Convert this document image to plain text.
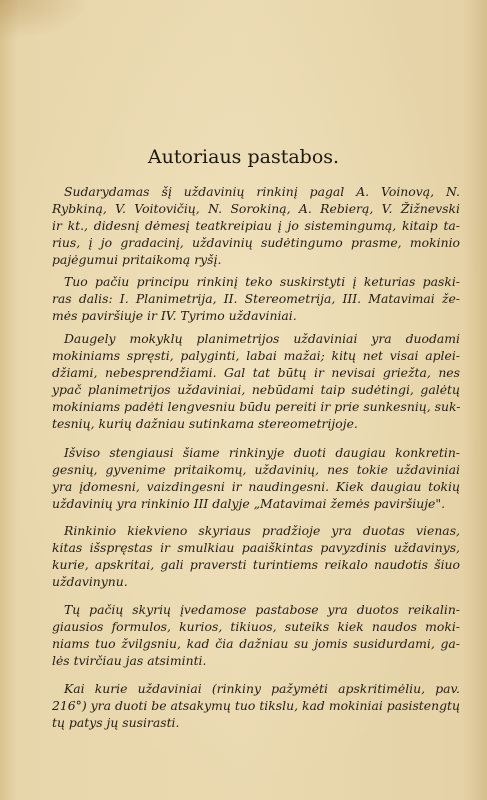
Autoriaus pastabos.
Sudarydamas šį uždavinių rinkinį pagal A. Voinovą, N.
Rybkiną, V. Voitovičių, N. Sorokiną, A. Rebierą, V. Žižnevski
ir kt., didesnį dėmesį teatkreipiau į jo sistemingumą, kitaip ta-
rius, į jo gradacinį, uždavinių sudėtingumo prasme, mokinio
pajėgumui pritaikomą ryšį.
Tuo pačiu principu rinkinį teko suskirstyti į keturias paski-
ras dalis: I. Planimetrija, II. Stereometrija, III. Matavimai že-
mės paviršiuje ir IV. Tyrimo uždaviniai.
Daugely mokyklų planimetrijos uždaviniai yra duodami
mokiniams spręsti, palyginti, labai mažai; kitų net visai aplei-
džiami, nebesprendžiami. Gal tat būtų ir nevisai griežta, nes
ypač planimetrijos uždaviniai, nebūdami taip sudėtingi, galėtų
mokiniams padėti lengvesniu būdu pereiti ir prie sunkesnių, suk-
tesnių, kurių dažniau sutinkama stereometrijoje.
Išviso stengiausi šiame rinkinyje duoti daugiau konkretin-
gesnių, gyvenime pritaikomų, uždavinių, nes tokie uždaviniai
yra įdomesni, vaizdingesni ir naudingesni. Kiek daugiau tokių
uždavinių yra rinkinio III dalyje „Matavimai žemės paviršiuje".
Rinkinio kiekvieno skyriaus pradžioje yra duotas vienas,
kitas išspręstas ir smulkiau paaiškintas pavyzdinis uždavinys,
kurie, apskritai, gali praversti turintiems reikalo naudotis šiuo
uždavinynu.
Tų pačių skyrių įvedamose pastabose yra duotos reikalin-
giausios formulos, kurios, tikiuos, suteiks kiek naudos moki-
niams tuo žvilgsniu, kad čia dažniau su jomis susidurdami, ga-
lės tvirčiau jas atsiminti.
Kai kurie uždaviniai (rinkiny pažymėti apskritimėliu, pav.
216°) yra duoti be atsakymų tuo tikslu, kad mokiniai pasistengtų
tų patys jų susirasti.
